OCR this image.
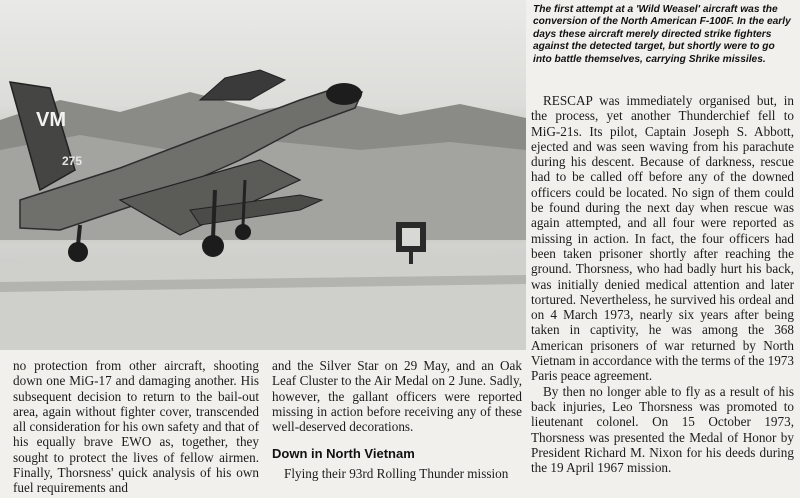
VM
275
The first attempt at a 'Wild Weasel' aircraft was the conversion of the North American F-100F. In the early days these aircraft merely directed strike fighters against the detected target, but shortly were to go into battle themselves, carrying Shrike missiles.

RESCAP was immediately organised but, in the process, yet another Thunderchief fell to MiG-21s. Its pilot, Captain Joseph S. Abbott, ejected and was seen waving from his parachute during his descent. Because of darkness, rescue had to be called off before any of the downed officers could be located. No sign of them could be found during the next day when rescue was again attempted, and all four were reported as missing in action. In fact, the four officers had been taken prisoner shortly after reaching the ground. Thorsness, who had badly hurt his back, was initially denied medical attention and later tortured. Nevertheless, he survived his ordeal and on 4 March 1973, nearly six years after being taken in captivity, he was among the 368 American prisoners of war returned by North Vietnam in accordance with the terms of the 1973 Paris peace agreement.

By then no longer able to fly as a result of his back injuries, Leo Thorsness was promoted to lieutenant colonel. On 15 October 1973, Thorsness was presented the Medal of Honor by President Richard M. Nixon for his deeds during the 19 April 1967 mission.

no protection from other aircraft, shooting down one MiG-17 and damaging another. His subsequent decision to return to the bail-out area, again without fighter cover, transcended all consideration for his own safety and that of his equally brave EWO as, together, they sought to protect the lives of fellow airmen. Finally, Thorsness' quick analysis of his own fuel requirements and

and the Silver Star on 29 May, and an Oak Leaf Cluster to the Air Medal on 2 June. Sadly, however, the gallant officers were reported missing in action before receiving any of these well-deserved decorations.

Down in North Vietnam

Flying their 93rd Rolling Thunder mission
